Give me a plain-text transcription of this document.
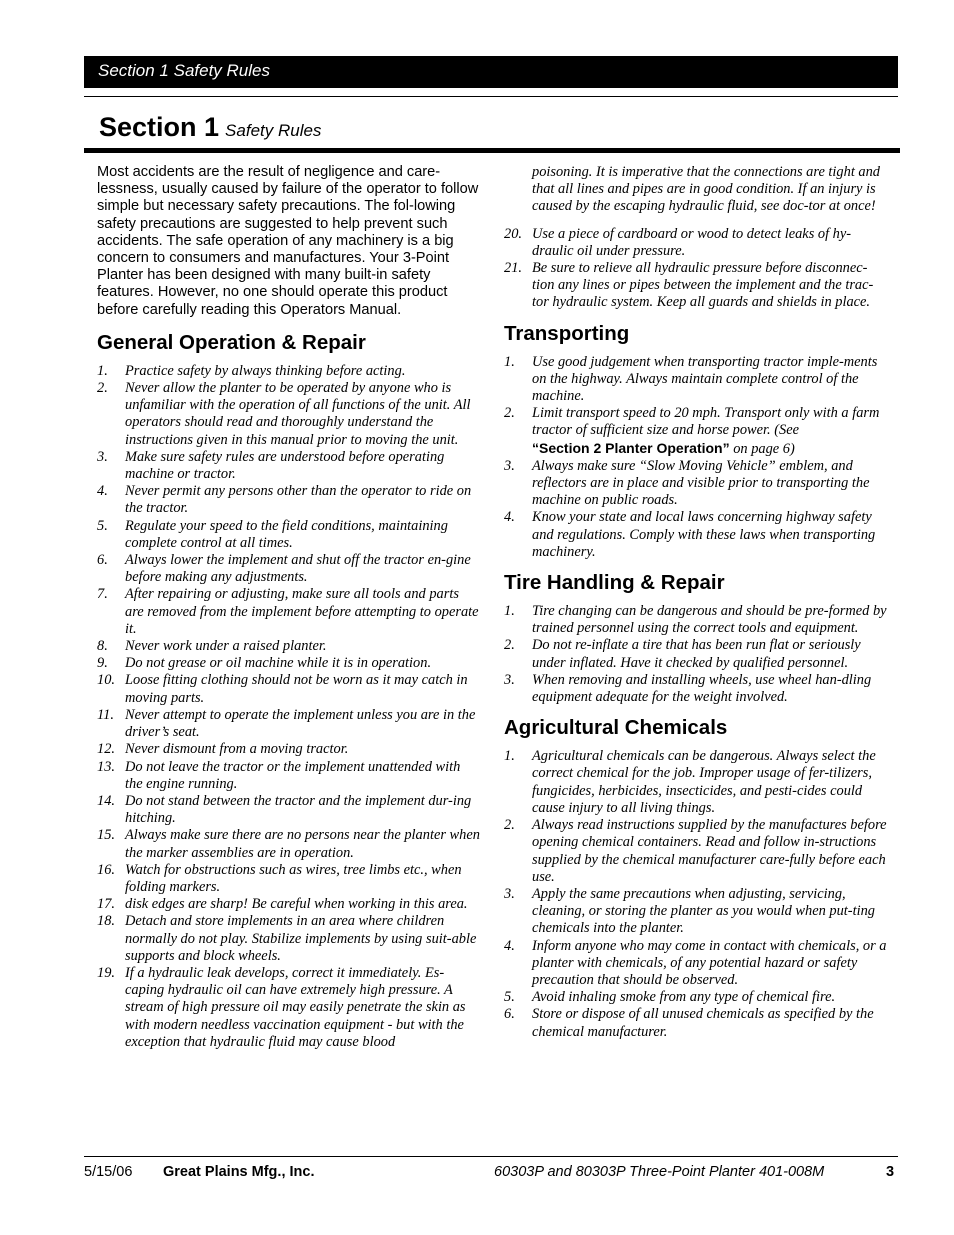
Section 1 Safety Rules
Section 1 Safety Rules

Most accidents are the result of negligence and care-lessness, usually caused by failure of the operator to follow simple but necessary safety precautions. The fol-lowing safety precautions are suggested to help prevent such accidents. The safe operation of any machinery is a big concern to consumers and manufactures. Your 3-Point Planter has been designed with many built-in safety features. However, no one should operate this product before carefully reading this Operators Manual.

General Operation & Repair
1. Practice safety by always thinking before acting.
2. Never allow the planter to be operated by anyone who is unfamiliar with the operation of all functions of the unit. All operators should read and thoroughly understand the instructions given in this manual prior to moving the unit.
3. Make sure safety rules are understood before operating machine or tractor.
4. Never permit any persons other than the operator to ride on the tractor.
5. Regulate your speed to the field conditions, maintaining complete control at all times.
6. Always lower the implement and shut off the tractor en-gine before making any adjustments.
7. After repairing or adjusting, make sure all tools and parts are removed from the implement before attempting to operate it.
8. Never work under a raised planter.
9. Do not grease or oil machine while it is in operation.
10. Loose fitting clothing should not be worn as it may catch in moving parts.
11. Never attempt to operate the implement unless you are in the driver’s seat.
12. Never dismount from a moving tractor.
13. Do not leave the tractor or the implement unattended with the engine running.
14. Do not stand between the tractor and the implement dur-ing hitching.
15. Always make sure there are no persons near the planter when the marker assemblies are in operation.
16. Watch for obstructions such as wires, tree limbs etc., when folding markers.
17. disk edges are sharp! Be careful when working in this area.
18. Detach and store implements in an area where children normally do not play. Stabilize implements by using suit-able supports and block wheels.
19. If a hydraulic leak develops, correct it immediately. Es-caping hydraulic oil can have extremely high pressure. A stream of high pressure oil may easily penetrate the skin as with modern needless vaccination equipment - but with the exception that hydraulic fluid may cause blood
poisoning. It is imperative that the connections are tight and that all lines and pipes are in good condition. If an injury is caused by the escaping hydraulic fluid, see doc-tor at once!
20. Use a piece of cardboard or wood to detect leaks of hy-draulic oil under pressure.
21. Be sure to relieve all hydraulic pressure before disconnec-tion any lines or pipes between the implement and the trac-tor hydraulic system. Keep all guards and shields in place.
Transporting
1. Use good judgement when transporting tractor imple-ments on the highway. Always maintain complete control of the machine.
2. Limit transport speed to 20 mph. Transport only with a farm tractor of sufficient size and horse power. (See
“Section 2 Planter Operation” on page 6)
3. Always make sure “Slow Moving Vehicle” emblem, and reflectors are in place and visible prior to transporting the machine on public roads.
4. Know your state and local laws concerning highway safety and regulations. Comply with these laws when transporting machinery.
Tire Handling & Repair
1. Tire changing can be dangerous and should be pre-formed by trained personnel using the correct tools and equipment.
2. Do not re-inflate a tire that has been run flat or seriously under inflated. Have it checked by qualified personnel.
3. When removing and installing wheels, use wheel han-dling equipment adequate for the weight involved.
Agricultural Chemicals
1. Agricultural chemicals can be dangerous. Always select the correct chemical for the job. Improper usage of fer-tilizers, fungicides, herbicides, insecticides, and pesti-cides could cause injury to all living things.
2. Always read instructions supplied by the manufactures before opening chemical containers. Read and follow in-structions supplied by the chemical manufacturer care-fully before each use.
3. Apply the same precautions when adjusting, servicing, cleaning, or storing the planter as you would when put-ting chemicals into the planter.
4. Inform anyone who may come in contact with chemicals, or a planter with chemicals, of any potential hazard or safety precaution that should be observed.
5. Avoid inhaling smoke from any type of chemical fire.
6. Store or dispose of all unused chemicals as specified by the chemical manufacturer.
5/15/06 Great Plains Mfg., Inc.	60303P and 80303P Three-Point Planter 401-008M	3
